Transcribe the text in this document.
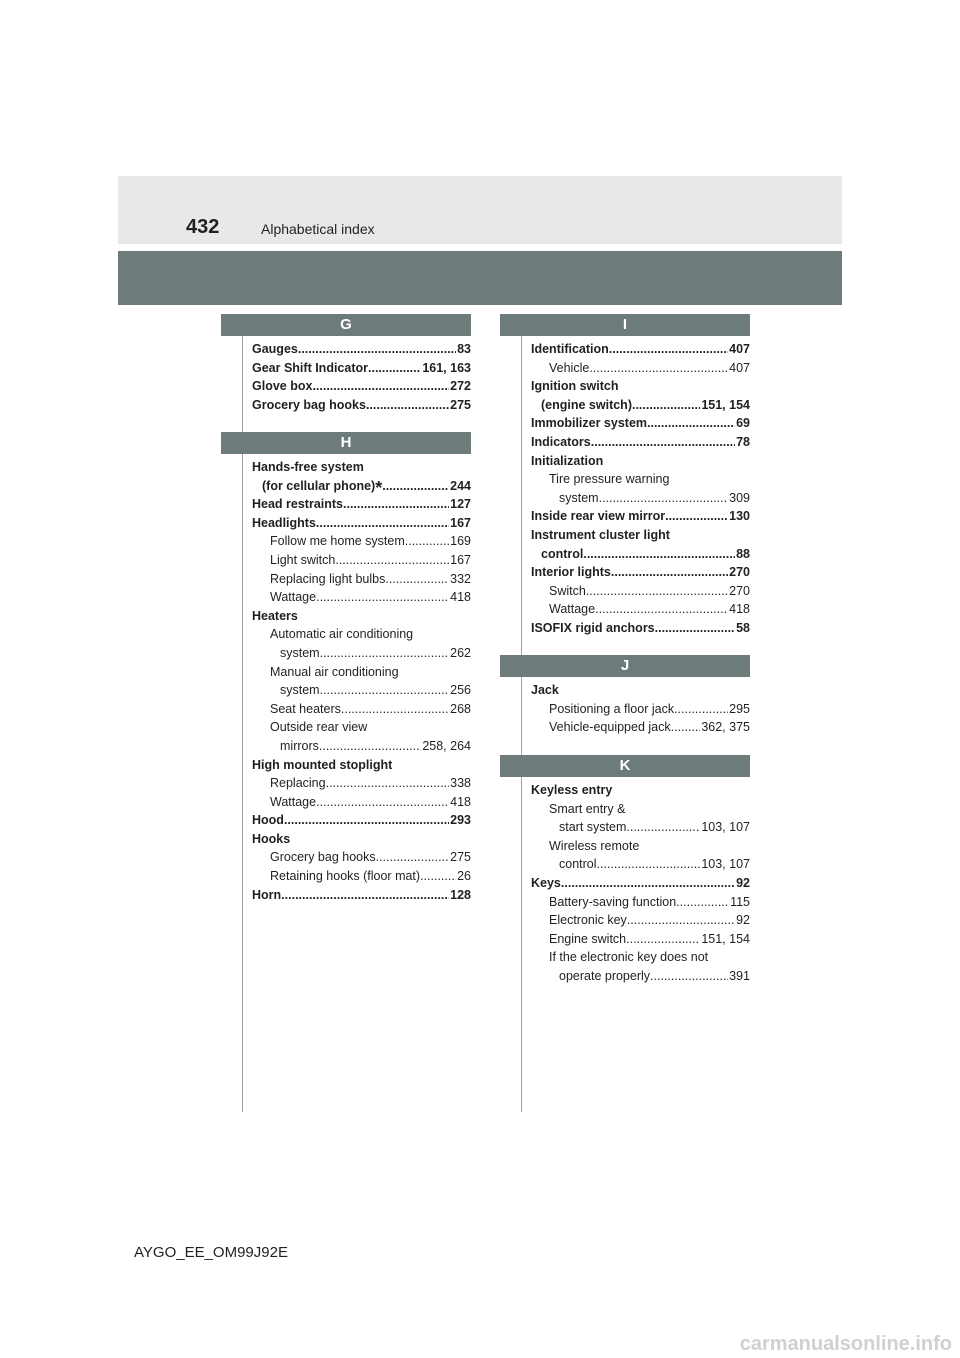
432	Alphabetical index
G
Gauges .....	83
Gear Shift Indicator .....	161, 163
Glove box .....	272
Grocery bag hooks .....	275
H
Hands-free system
(for cellular phone)* .....	244
Head restraints .....	127
Headlights .....	167
Follow me home system .....	169
Light switch .....	167
Replacing light bulbs .....	332
Wattage .....	418
Heaters
Automatic air conditioning
system .....	262
Manual air conditioning
system .....	256
Seat heaters .....	268
Outside rear view
mirrors .....	258, 264
High mounted stoplight
Replacing .....	338
Wattage .....	418
Hood .....	293
Hooks
Grocery bag hooks .....	275
Retaining hooks (floor mat) .....	26
Horn .....	128
I
Identification .....	407
Vehicle .....	407
Ignition switch
(engine switch) .....	151, 154
Immobilizer system .....	69
Indicators .....	78
Initialization
Tire pressure warning
system .....	309
Inside rear view mirror .....	130
Instrument cluster light
control .....	88
Interior lights .....	270
Switch .....	270
Wattage .....	418
ISOFIX rigid anchors .....	58
J
Jack
Positioning a floor jack .....	295
Vehicle-equipped jack ..... 362, 375
K
Keyless entry
Smart entry &
start system .....	103, 107
Wireless remote
control .....	103, 107
Keys .....	92
Battery-saving function .....	115
Electronic key .....	92
Engine switch .....	151, 154
If the electronic key does not
operate properly .....	391
AYGO_EE_OM99J92E
carmanualsonline.info
